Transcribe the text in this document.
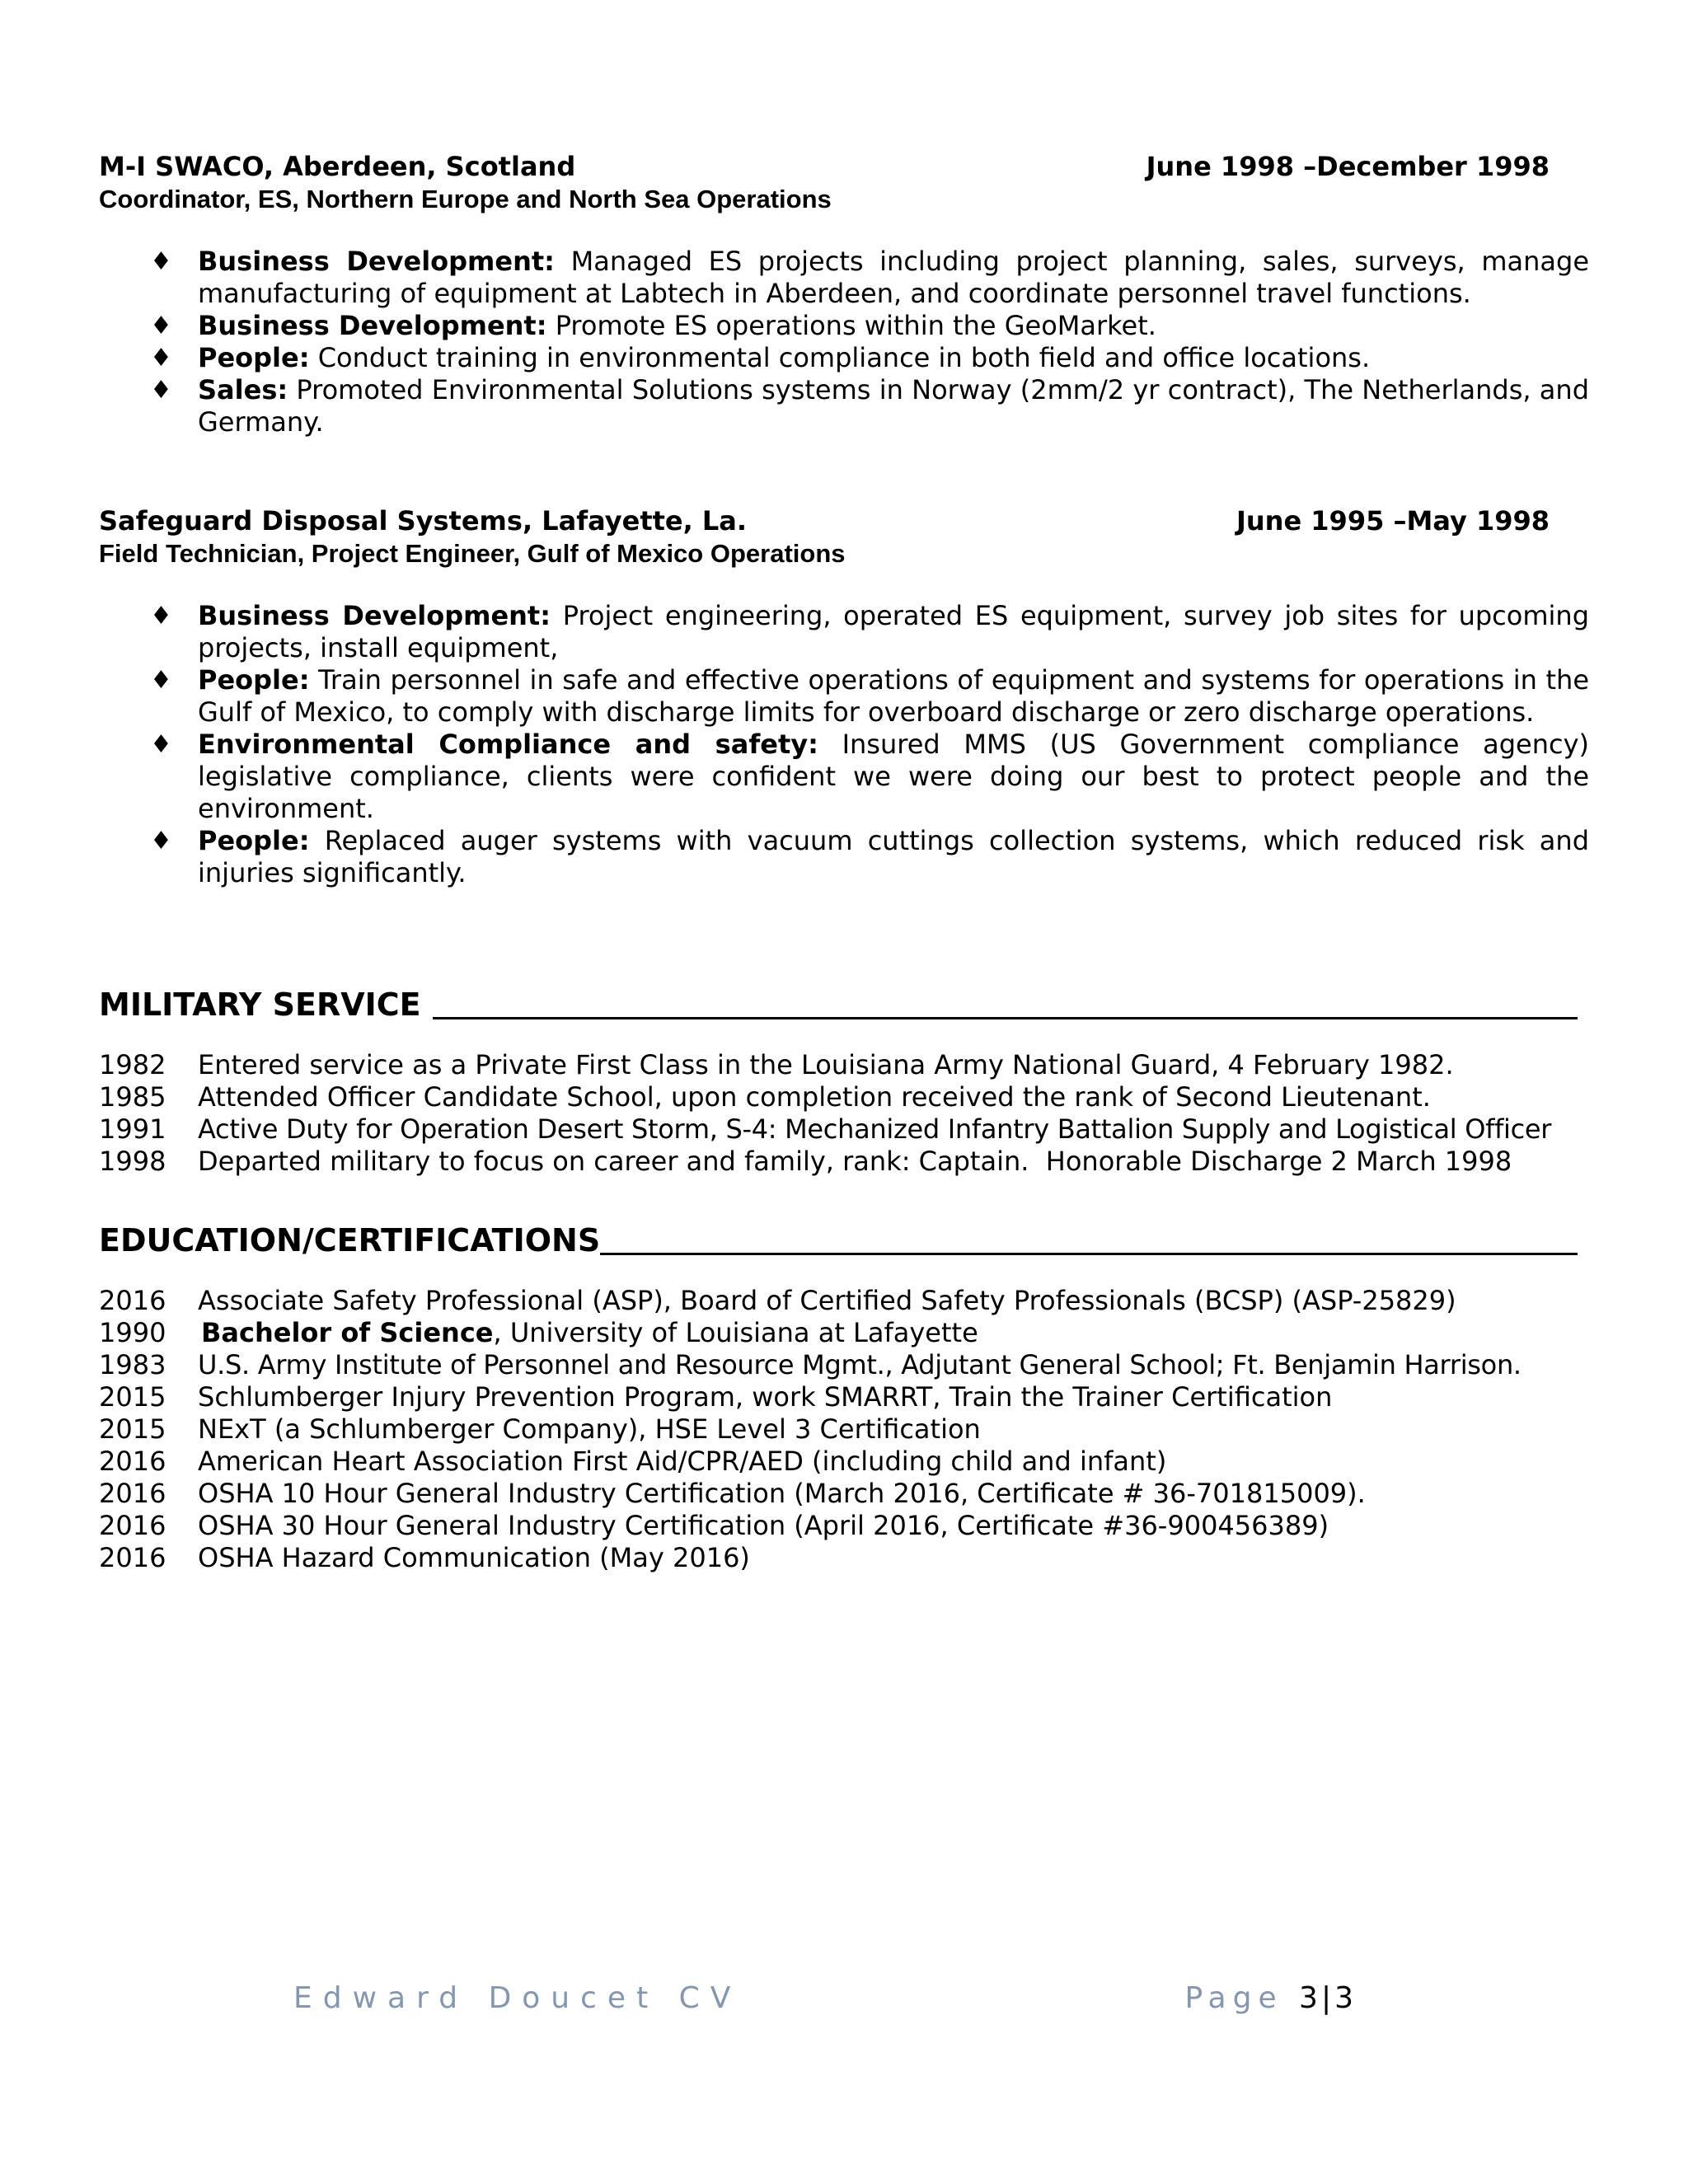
M-I SWACO, Aberdeen, Scotland	June 1998 –December 1998
Coordinator, ES, Northern Europe and North Sea Operations
♦ Business Development: Managed ES projects including project planning, sales, surveys, manage manufacturing of equipment at Labtech in Aberdeen, and coordinate personnel travel functions.
♦ Business Development: Promote ES operations within the GeoMarket.
♦ People: Conduct training in environmental compliance in both field and office locations.
♦ Sales: Promoted Environmental Solutions systems in Norway (2mm/2 yr contract), The Netherlands, and Germany.
Safeguard Disposal Systems, Lafayette, La.	June 1995 –May 1998
Field Technician, Project Engineer, Gulf of Mexico Operations
♦ Business Development: Project engineering, operated ES equipment, survey job sites for upcoming projects, install equipment,
♦ People: Train personnel in safe and effective operations of equipment and systems for operations in the Gulf of Mexico, to comply with discharge limits for overboard discharge or zero discharge operations.
♦ Environmental Compliance and safety: Insured MMS (US Government compliance agency) legislative compliance, clients were confident we were doing our best to protect people and the environment.
♦ People: Replaced auger systems with vacuum cuttings collection systems, which reduced risk and injuries significantly.
MILITARY SERVICE
1982	Entered service as a Private First Class in the Louisiana Army National Guard, 4 February 1982.
1985	Attended Officer Candidate School, upon completion received the rank of Second Lieutenant.
1991	Active Duty for Operation Desert Storm, S-4: Mechanized Infantry Battalion Supply and Logistical Officer
1998	Departed military to focus on career and family, rank: Captain.  Honorable Discharge 2 March 1998
EDUCATION/CERTIFICATIONS
2016	Associate Safety Professional (ASP), Board of Certified Safety Professionals (BCSP) (ASP-25829)
1990	Bachelor of Science, University of Louisiana at Lafayette
1983	U.S. Army Institute of Personnel and Resource Mgmt., Adjutant General School; Ft. Benjamin Harrison.
2015	Schlumberger Injury Prevention Program, work SMARRT, Train the Trainer Certification
2015	NExT (a Schlumberger Company), HSE Level 3 Certification
2016	American Heart Association First Aid/CPR/AED (including child and infant)
2016	OSHA 10 Hour General Industry Certification (March 2016, Certificate # 36-701815009).
2016	OSHA 30 Hour General Industry Certification (April 2016, Certificate #36-900456389)
2016	OSHA Hazard Communication (May 2016)
Edward Doucet CV	Page 3|3
